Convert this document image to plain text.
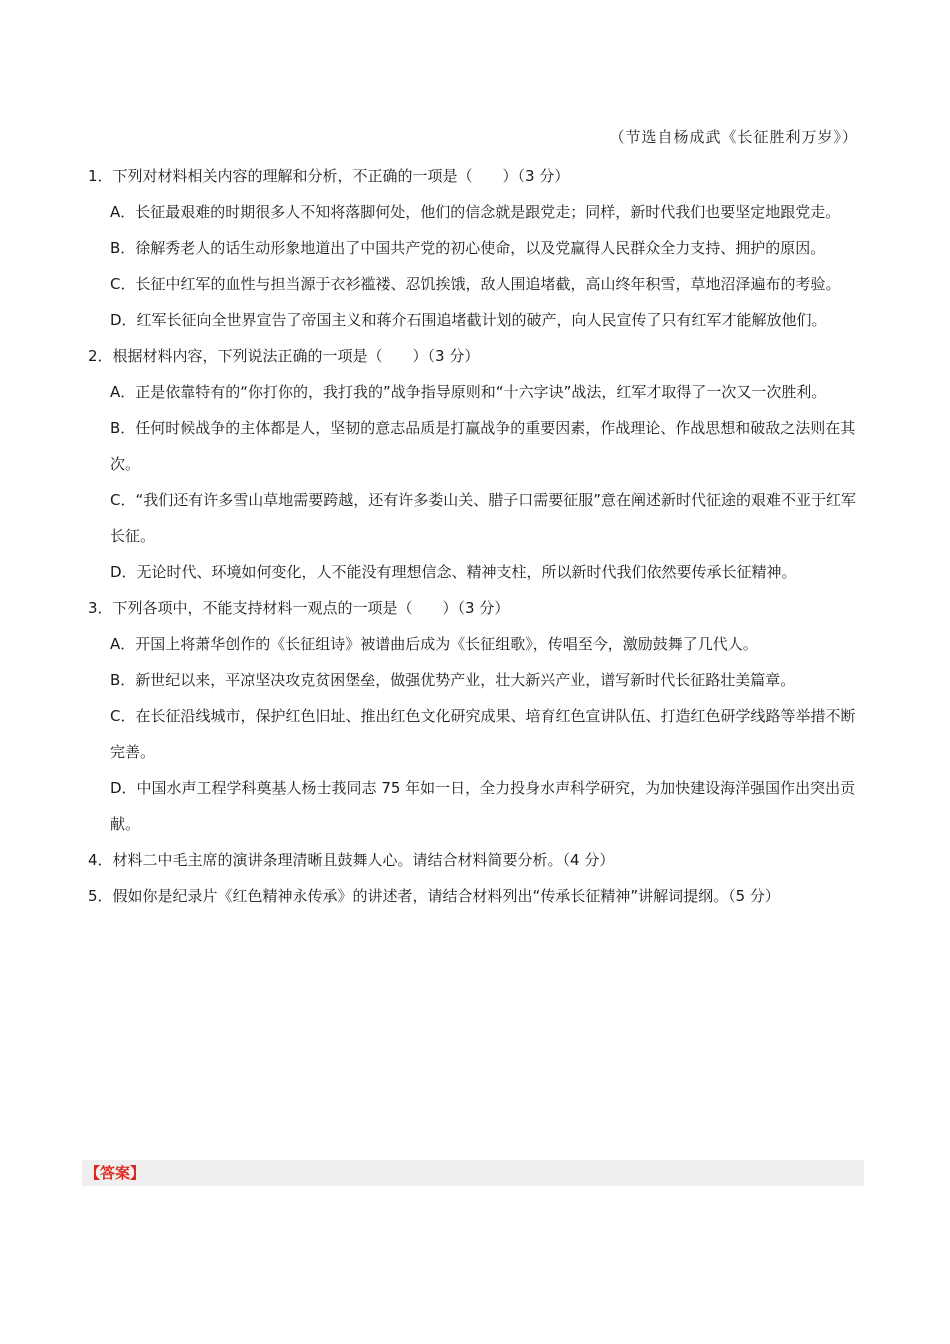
（节选自杨成武《长征胜利万岁》）

1．下列对材料相关内容的理解和分析，不正确的一项是（　　）（3 分）

A．长征最艰难的时期很多人不知将落脚何处，他们的信念就是跟党走；同样，新时代我们也要坚定地跟党走。

B．徐解秀老人的话生动形象地道出了中国共产党的初心使命，以及党赢得人民群众全力支持、拥护的原因。

C．长征中红军的血性与担当源于衣衫褴褛、忍饥挨饿，敌人围追堵截，高山终年积雪，草地沼泽遍布的考验。

D．红军长征向全世界宣告了帝国主义和蒋介石围追堵截计划的破产，向人民宣传了只有红军才能解放他们。

2．根据材料内容，下列说法正确的一项是（　　）（3 分）

A．正是依靠特有的“你打你的，我打我的”战争指导原则和“十六字诀”战法，红军才取得了一次又一次胜利。

B．任何时候战争的主体都是人，坚韧的意志品质是打赢战争的重要因素，作战理论、作战思想和破敌之法则在其次。

C．“我们还有许多雪山草地需要跨越，还有许多娄山关、腊子口需要征服”意在阐述新时代征途的艰难不亚于红军长征。

D．无论时代、环境如何变化，人不能没有理想信念、精神支柱，所以新时代我们依然要传承长征精神。

3．下列各项中，不能支持材料一观点的一项是（　　）（3 分）

A．开国上将萧华创作的《长征组诗》被谱曲后成为《长征组歌》，传唱至今，激励鼓舞了几代人。

B．新世纪以来，平凉坚决攻克贫困堡垒，做强优势产业，壮大新兴产业，谱写新时代长征路壮美篇章。

C．在长征沿线城市，保护红色旧址、推出红色文化研究成果、培育红色宣讲队伍、打造红色研学线路等举措不断完善。

D．中国水声工程学科奠基人杨士莪同志 75 年如一日，全力投身水声科学研究，为加快建设海洋强国作出突出贡献。

4．材料二中毛主席的演讲条理清晰且鼓舞人心。请结合材料简要分析。（4 分）

5．假如你是纪录片《红色精神永传承》的讲述者，请结合材料列出“传承长征精神”讲解词提纲。（5 分）

【答案】
